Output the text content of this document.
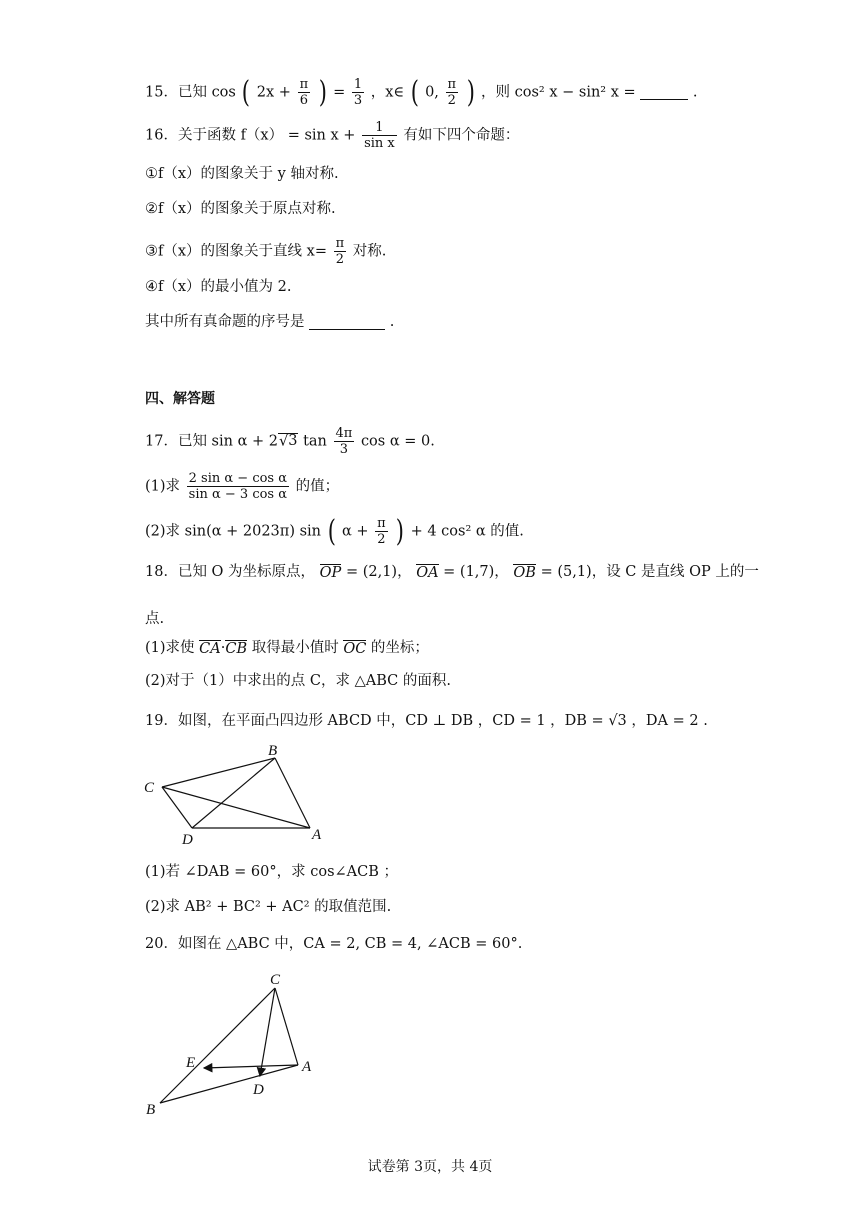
15．已知 cos ( $2x + \frac{\pi}{6}$ ) = $\frac{1}{3}$ ，x∈ ( 0, $\frac{\pi}{2}$ ) ，则 cos² x − sin² x =	.
16．关于函数 $f(x) = \sin x + \frac{1}{\text{sin x}}$ 有如下四个命题：
①f（x）的图象关于 y 轴对称.
②f（x）的图象关于原点对称.
③f（x）的图象关于直线 $x= \frac{\pi}{2}$ 对称.
④f（x）的最小值为 2.
其中所有真命题的序号是	.
四、解答题
17．已知 sin α + 2√3 $\tan \frac{4\pi}{3}$ cos α = 0.
(1)求 $\frac{\text{2 sin α − cos α}}{\text{sin α − 3 cos α}}$ 的值；
(2)求 sin(α + 2023π) sin ( $\alpha + \frac{\pi}{2}$ ) + 4 cos² α 的值.
18．已知 O 为坐标原点， OP = (2,1)， OA = (1,7)， OB = (5,1)，设 C 是直线 OP 上的一
点.
(1)求使 CA·CB 取得最小值时 OC 的坐标；
(2)对于（1）中求出的点 C，求 △ABC 的面积.
19．如图，在平面凸四边形 ABCD 中，CD ⊥ DB ，CD = 1 ，DB = √3 ，DA = 2 .
B
C
D	A
(1)若 ∠DAB = 60°，求 cos∠ACB ；
(2)求 AB² + BC² + AC² 的取值范围.
20．如图在 △ABC 中，CA = 2, CB = 4, ∠ACB = 60°.
C
E	A
D
B
试卷第 3页，共 4页
